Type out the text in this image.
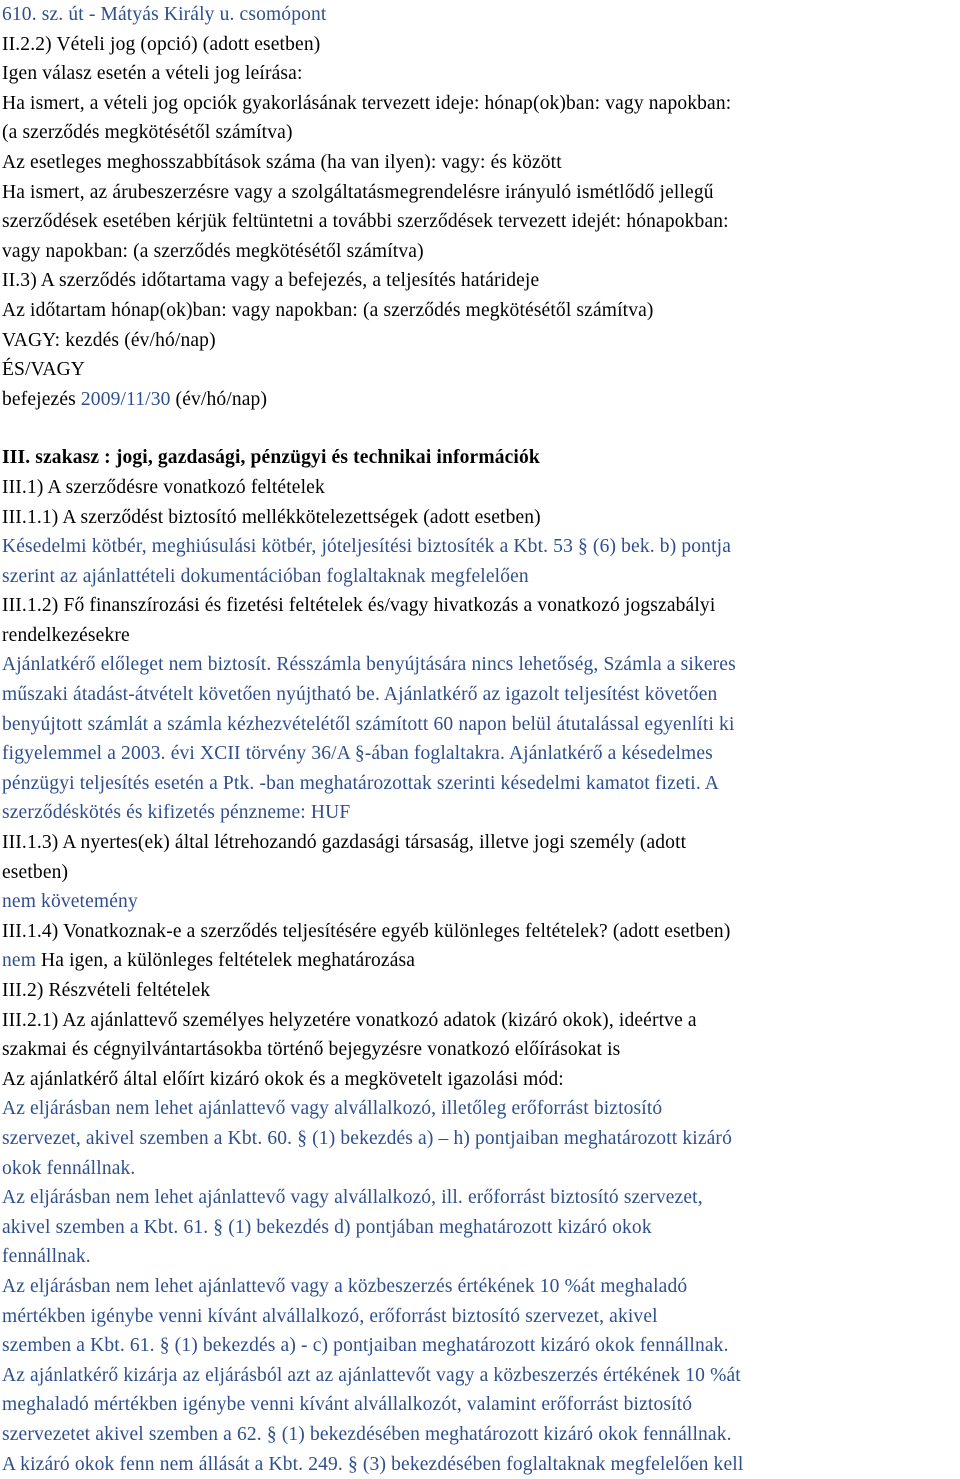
610. sz. út - Mátyás Király u. csomópont
II.2.2) Vételi jog (opció) (adott esetben)
Igen válasz esetén a vételi jog leírása:
Ha ismert, a vételi jog opciók gyakorlásának tervezett ideje: hónap(ok)ban: vagy napokban:
(a szerződés megkötésétől számítva)
Az esetleges meghosszabbítások száma (ha van ilyen): vagy: és között
Ha ismert, az árubeszerzésre vagy a szolgáltatásmegrendelésre irányuló ismétlődő jellegű
szerződések esetében kérjük feltüntetni a további szerződések tervezett idejét: hónapokban:
vagy napokban: (a szerződés megkötésétől számítva)
II.3) A szerződés időtartama vagy a befejezés, a teljesítés határideje
Az időtartam hónap(ok)ban: vagy napokban: (a szerződés megkötésétől számítva)
VAGY: kezdés (év/hó/nap)
ÉS/VAGY
befejezés 2009/11/30 (év/hó/nap)
III. szakasz : jogi, gazdasági, pénzügyi és technikai információk
III.1) A szerződésre vonatkozó feltételek
III.1.1) A szerződést biztosító mellékkötelezettségek (adott esetben)
Késedelmi kötbér, meghiúsulási kötbér, jóteljesítési biztosíték a Kbt. 53 § (6) bek. b) pontja
szerint az ajánlattételi dokumentációban foglaltaknak megfelelően
III.1.2) Fő finanszírozási és fizetési feltételek és/vagy hivatkozás a vonatkozó jogszabályi
rendelkezésekre
Ajánlatkérő előleget nem biztosít. Résszámla benyújtására nincs lehetőség, Számla a sikeres
műszaki átadást-átvételt követően nyújtható be. Ajánlatkérő az igazolt teljesítést követően
benyújtott számlát a számla kézhezvételétől számított 60 napon belül átutalással egyenlíti ki
figyelemmel a 2003. évi XCII törvény 36/A §-ában foglaltakra. Ajánlatkérő a késedelmes
pénzügyi teljesítés esetén a Ptk. -ban meghatározottak szerinti késedelmi kamatot fizeti. A
szerződéskötés és kifizetés pénzneme: HUF
III.1.3) A nyertes(ek) által létrehozandó gazdasági társaság, illetve jogi személy (adott
esetben)
nem követemény
III.1.4) Vonatkoznak-e a szerződés teljesítésére egyéb különleges feltételek? (adott esetben)
nem Ha igen, a különleges feltételek meghatározása
III.2) Részvételi feltételek
III.2.1) Az ajánlattevő személyes helyzetére vonatkozó adatok (kizáró okok), ideértve a
szakmai és cégnyilvántartásokba történő bejegyzésre vonatkozó előírásokat is
Az ajánlatkérő által előírt kizáró okok és a megkövetelt igazolási mód:
Az eljárásban nem lehet ajánlattevő vagy alvállalkozó, illetőleg erőforrást biztosító
szervezet, akivel szemben a Kbt. 60. § (1) bekezdés a) – h) pontjaiban meghatározott kizáró
okok fennállnak.
Az eljárásban nem lehet ajánlattevő vagy alvállalkozó, ill. erőforrást biztosító szervezet,
akivel szemben a Kbt. 61. § (1) bekezdés d) pontjában meghatározott kizáró okok
fennállnak.
Az eljárásban nem lehet ajánlattevő vagy a közbeszerzés értékének 10 %át meghaladó
mértékben igénybe venni kívánt alvállalkozó, erőforrást biztosító szervezet, akivel
szemben a Kbt. 61. § (1) bekezdés a) - c) pontjaiban meghatározott kizáró okok fennállnak.
Az ajánlatkérő kizárja az eljárásból azt az ajánlattevőt vagy a közbeszerzés értékének 10 %át
meghaladó mértékben igénybe venni kívánt alvállalkozót, valamint erőforrást biztosító
szervezetet akivel szemben a 62. § (1) bekezdésében meghatározott kizáró okok fennállnak.
A kizáró okok fenn nem állását a Kbt. 249. § (3) bekezdésében foglaltaknak megfelelően kell
